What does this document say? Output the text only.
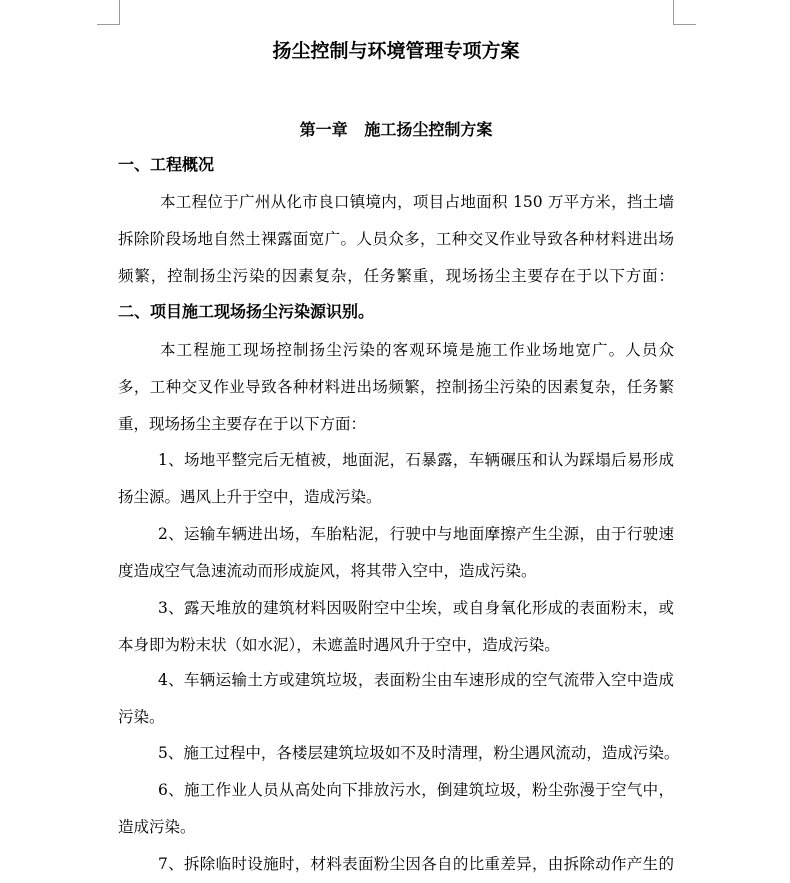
扬尘控制与环境管理专项方案
第一章   施工扬尘控制方案
一、工程概况
本工程位于广州从化市良口镇境内，项目占地面积 150 万平方米，挡土墙
拆除阶段场地自然土裸露面宽广。人员众多，工种交叉作业导致各种材料进出场
频繁，控制扬尘污染的因素复杂，任务繁重，现场扬尘主要存在于以下方面：
二、项目施工现场扬尘污染源识别。
本工程施工现场控制扬尘污染的客观环境是施工作业场地宽广。人员众
多，工种交叉作业导致各种材料进出场频繁，控制扬尘污染的因素复杂，任务繁
重，现场扬尘主要存在于以下方面：
1、场地平整完后无植被，地面泥，石暴露，车辆碾压和认为踩塌后易形成
扬尘源。遇风上升于空中，造成污染。
2、运输车辆进出场，车胎粘泥，行驶中与地面摩擦产生尘源，由于行驶速
度造成空气急速流动而形成旋风，将其带入空中，造成污染。
3、露天堆放的建筑材料因吸附空中尘埃，或自身氧化形成的表面粉末，或
本身即为粉末状（如水泥），未遮盖时遇风升于空中，造成污染。
4、车辆运输土方或建筑垃圾，表面粉尘由车速形成的空气流带入空中造成
污染。
5、施工过程中，各楼层建筑垃圾如不及时清理，粉尘遇风流动，造成污染。
6、施工作业人员从高处向下排放污水，倒建筑垃圾，粉尘弥漫于空气中，
造成污染。
7、拆除临时设施时，材料表面粉尘因各自的比重差异，由拆除动作产生的
